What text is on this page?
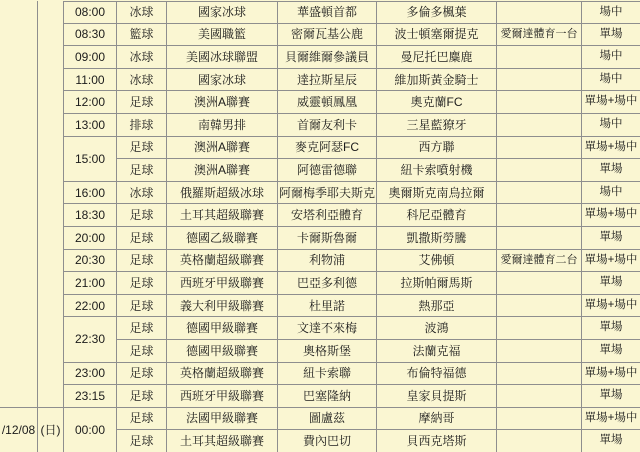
		08:00	冰球	國家冰球	華盛頓首都	多倫多楓葉		場中
		08:30	籃球	美國職籃	密爾瓦基公鹿	波士頓塞爾提克	愛爾達體育一台	單場
		09:00	冰球	美國冰球聯盟	貝爾維爾參議員	曼尼托巴麋鹿		場中
		11:00	冰球	國家冰球	達拉斯星辰	維加斯黃金騎士		場中
		12:00	足球	澳洲A聯賽	威靈頓鳳凰	奧克蘭FC		單場+場中
		13:00	排球	南韓男排	首爾友利卡	三星藍獠牙		場中
		15:00	足球	澳洲A聯賽	麥克阿瑟FC	西方聯		單場+場中
			足球	澳洲A聯賽	阿德雷德聯	紐卡索噴射機		單場
		16:00	冰球	俄羅斯超級冰球	阿爾梅季耶夫斯克	奧爾斯克南烏拉爾		場中
		18:30	足球	土耳其超級聯賽	安塔利亞體育	科尼亞體育		單場+場中
		20:00	足球	德國乙級聯賽	卡爾斯魯爾	凱撒斯勞騰		單場
		20:30	足球	英格蘭超級聯賽	利物浦	艾佛頓	愛爾達體育二台	單場+場中
		21:00	足球	西班牙甲級聯賽	巴亞多利德	拉斯帕爾馬斯		單場
		22:00	足球	義大利甲級聯賽	杜里諾	熱那亞		單場+場中
		22:30	足球	德國甲級聯賽	文達不來梅	波鴻		單場
			足球	德國甲級聯賽	奧格斯堡	法蘭克福		單場
		23:00	足球	英格蘭超級聯賽	紐卡索聯	布倫特福德		單場+場中
		23:15	足球	西班牙甲級聯賽	巴塞隆納	皇家貝提斯		單場
/12/08	(日)	00:00	足球	法國甲級聯賽	圖盧茲	摩納哥		單場+場中
			足球	土耳其超級聯賽	費內巴切	貝西克塔斯		單場
